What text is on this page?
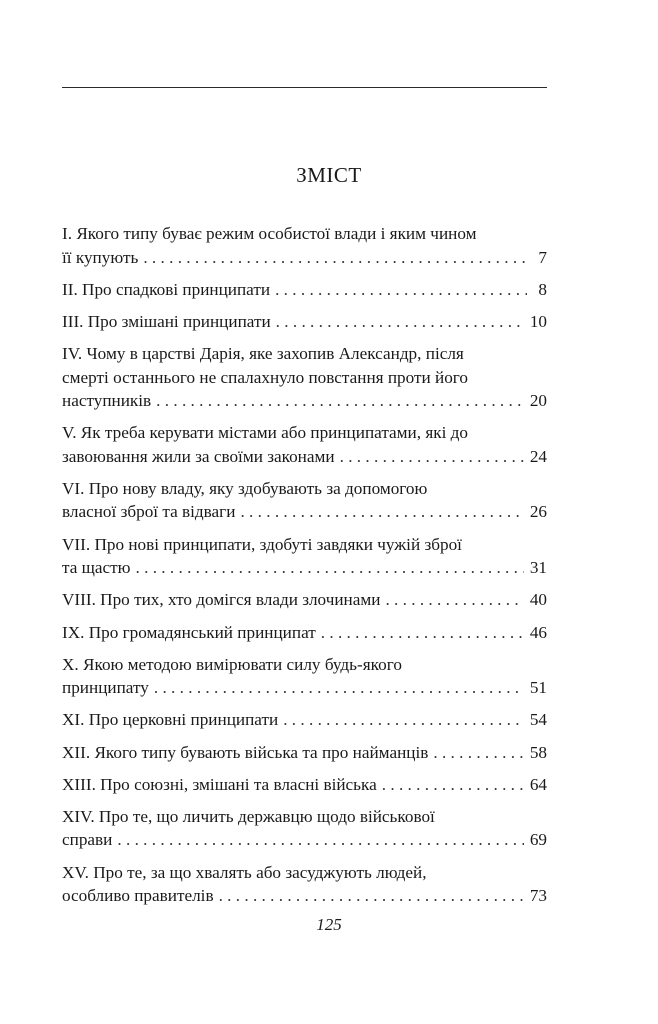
ЗМІСТ
I. Якого типу буває режим особистої влади і яким чином
її купують . . .	7
II. Про спадкові принципати . . .	8
III. Про змішані принципати . . .	10
IV. Чому в царстві Дарія, яке захопив Александр, після
смерті останнього не спалахнуло повстання проти його
наступників . . .	20
V. Як треба керувати містами або принципатами, які до
завоювання жили за своїми законами . . .	24
VI. Про нову владу, яку здобувають за допомогою
власної зброї та відваги . . .	26
VII. Про нові принципати, здобуті завдяки чужій зброї
та щастю . . .	31
VIII. Про тих, хто домігся влади злочинами . . .	40
IX. Про громадянський принципат . . .	46
X. Якою методою вимірювати силу будь-якого
принципату . . .	51
XI. Про церковні принципати . . .	54
XII. Якого типу бувають війська та про найманців . . .	58
XIII. Про союзні, змішані та власні війська . . .	64
XIV. Про те, що личить державцю щодо військової
справи . . .	69
XV. Про те, за що хвалять або засуджують людей,
особливо правителів . . .	73
125
